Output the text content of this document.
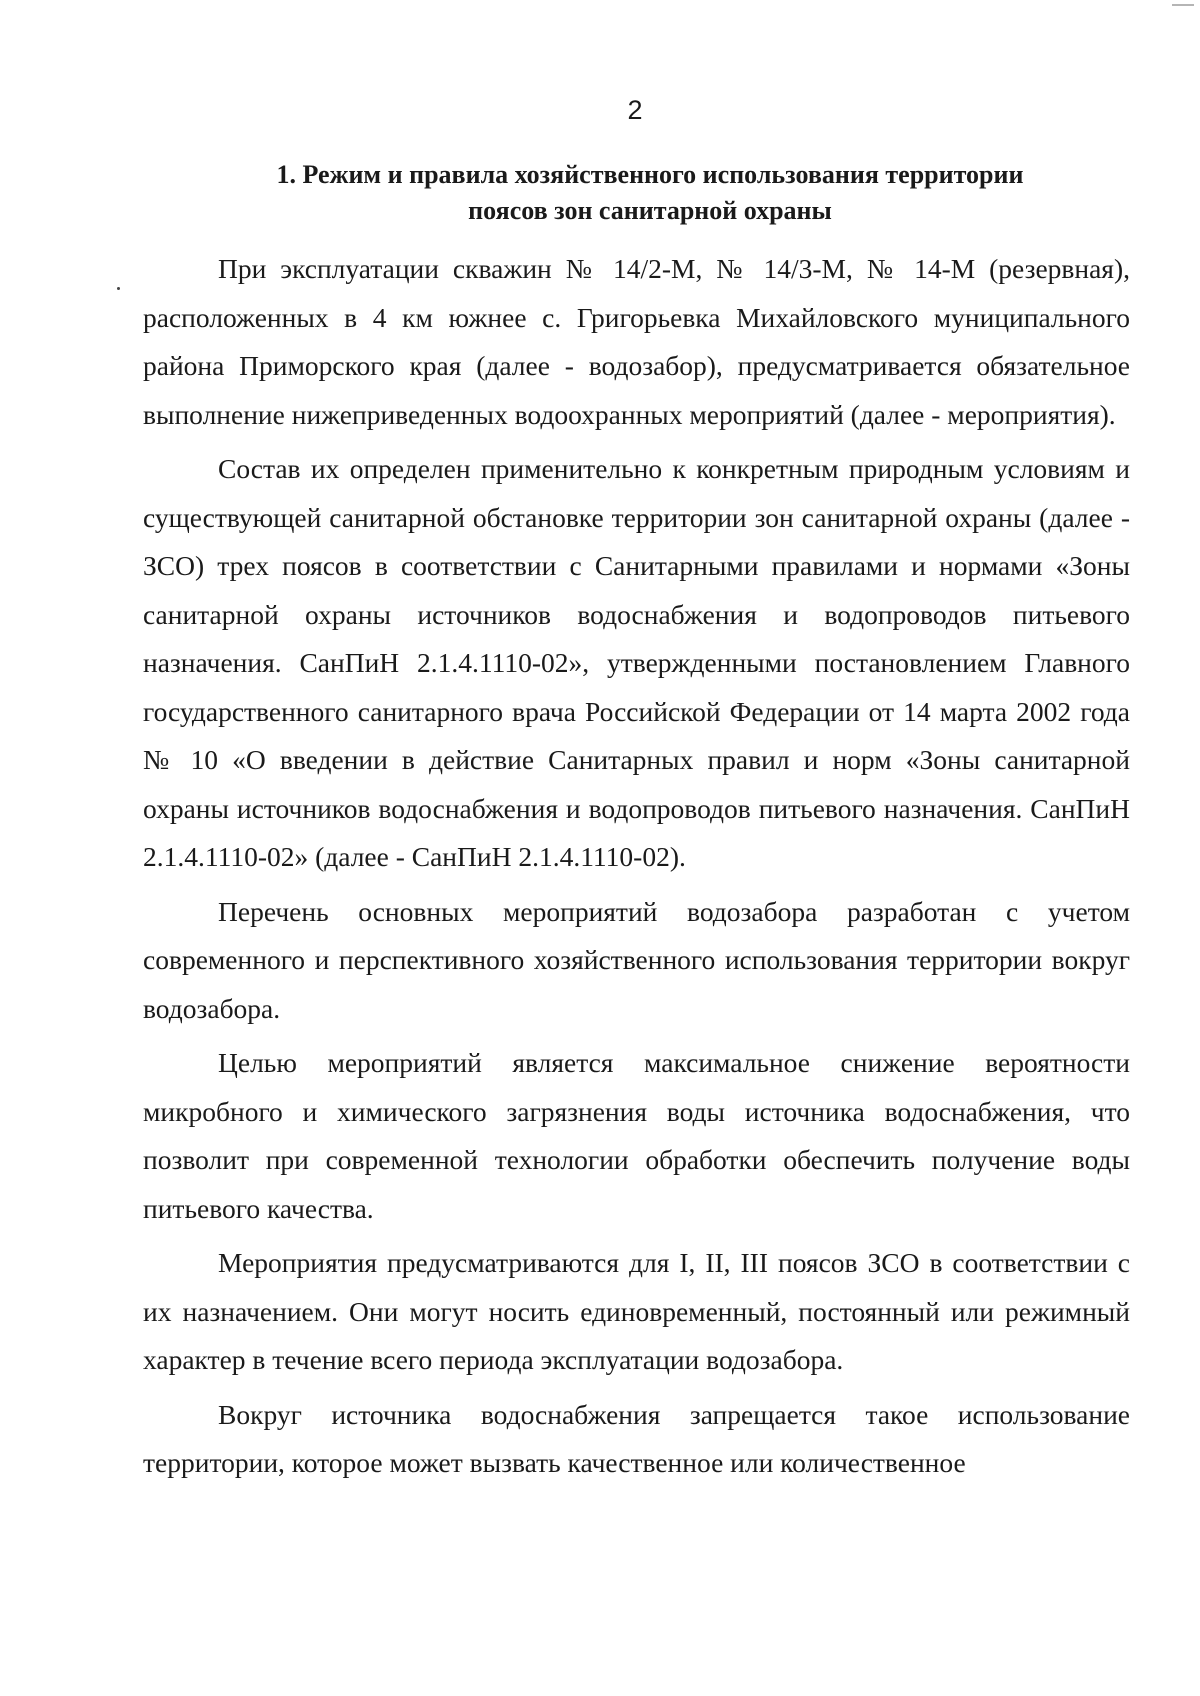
2
1. Режим и правила хозяйственного использования территории
поясов зон санитарной охраны

При эксплуатации скважин № 14/2-М, № 14/3-М, № 14-М (резервная), расположенных в 4 км южнее с. Григорьевка Михайловского муниципального района Приморского края (далее - водозабор), предусматривается обязательное выполнение нижеприведенных водоохранных мероприятий (далее - мероприятия).

Состав их определен применительно к конкретным природным условиям и существующей санитарной обстановке территории зон санитарной охраны (далее - ЗСО) трех поясов в соответствии с Санитарными правилами и нормами «Зоны санитарной охраны источников водоснабжения и водопроводов питьевого назначения. СанПиН 2.1.4.1110-02», утвержденными постановлением Главного государственного санитарного врача Российской Федерации от 14 марта 2002 года № 10 «О введении в действие Санитарных правил и норм «Зоны санитарной охраны источников водоснабжения и водопроводов питьевого назначения. СанПиН 2.1.4.1110-02» (далее - СанПиН 2.1.4.1110-02).

Перечень основных мероприятий водозабора разработан с учетом современного и перспективного хозяйственного использования территории вокруг водозабора.

Целью мероприятий является максимальное снижение вероятности микробного и химического загрязнения воды источника водоснабжения, что позволит при современной технологии обработки обеспечить получение воды питьевого качества.

Мероприятия предусматриваются для I, II, III поясов ЗСО в соответствии с их назначением. Они могут носить единовременный, постоянный или режимный характер в течение всего периода эксплуатации водозабора.

Вокруг источника водоснабжения запрещается такое использование территории, которое может вызвать качественное или количественное
